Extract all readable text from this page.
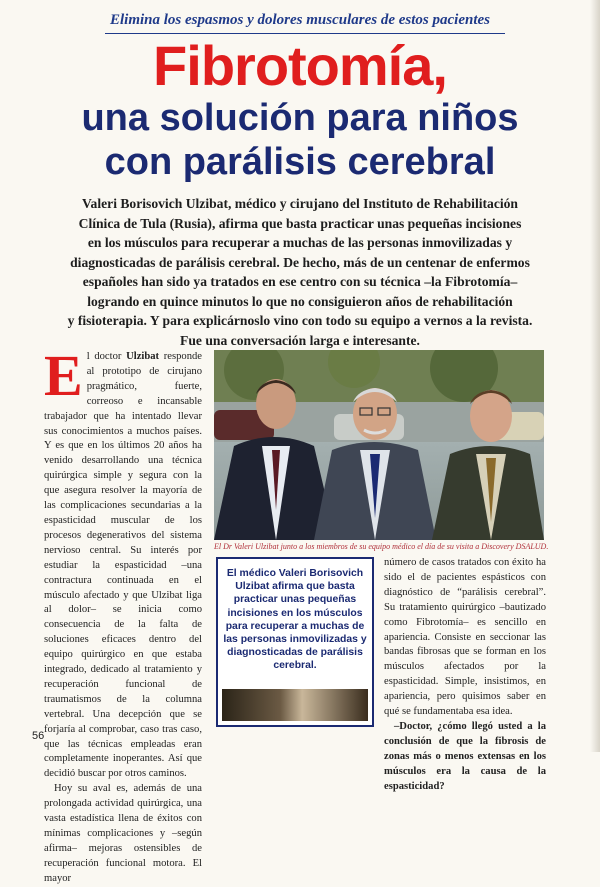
Elimina los espasmos y dolores musculares de estos pacientes
Fibrotomía,
una solución para niños
con parálisis cerebral
Valeri Borisovich Ulzibat, médico y cirujano del Instituto de Rehabilitación
Clínica de Tula (Rusia), afirma que basta practicar unas pequeñas incisiones
en los músculos para recuperar a muchas de las personas inmovilizadas y
diagnosticadas de parálisis cerebral. De hecho, más de un centenar de enfermos
españoles han sido ya tratados en ese centro con su técnica –la Fibrotomía–
logrando en quince minutos lo que no consiguieron años de rehabilitación
y fisioterapia. Y para explicárnoslo vino con todo su equipo a vernos a la revista.
Fue una conversación larga e interesante.
E l doctor Ulzibat responde al prototipo de cirujano pragmático, fuerte, correoso e incansable trabajador que ha intentado llevar sus conocimientos a muchos países. Y es que en los últimos 20 años ha venido desarrollando una técnica quirúrgica simple y segura con la que asegura resolver la mayoría de las complicaciones secundarias a la espasticidad muscular de los procesos degenerativos del sistema nervioso central. Su interés por estudiar la espasticidad –una contractura continuada en el músculo afectado y que Ulzibat liga al dolor– se inicia como consecuencia de la falta de soluciones eficaces dentro del equipo quirúrgico en que estaba integrado, dedicado al tratamiento y recuperación funcional de traumatismos de la columna vertebral. Una decepción que se forjaría al comprobar, caso tras caso, que las técnicas empleadas eran completamente inoperantes. Así que decidió buscar por otros caminos.

Hoy su aval es, además de una prolongada actividad quirúrgica, una vasta estadística llena de éxitos con mínimas complicaciones y –según afirma– mejoras ostensibles de recuperación funcional motora. El mayor

El Dr Valeri Ulzibat junto a los miembros de su equipo médico el día de su visita a Discovery DSALUD.
El médico Valeri Borisovich Ulzibat afirma que basta practicar unas pequeñas incisiones en los músculos para recuperar a muchas de las personas inmovilizadas y diagnosticadas de parálisis cerebral.

número de casos tratados con éxito ha sido el de pacientes espásticos con diagnóstico de “parálisis cerebral”. Su tratamiento quirúrgico –bautizado como Fibrotomía– es sencillo en apariencia. Consiste en seccionar las bandas fibrosas que se forman en los músculos afectados por la espasticidad. Simple, insistimos, en apariencia, pero quisimos saber en qué se fundamentaba esa idea.

–Doctor, ¿cómo llegó usted a la conclusión de que la fibrosis de zonas más o menos extensas en los músculos era la causa de la espasticidad?

56
